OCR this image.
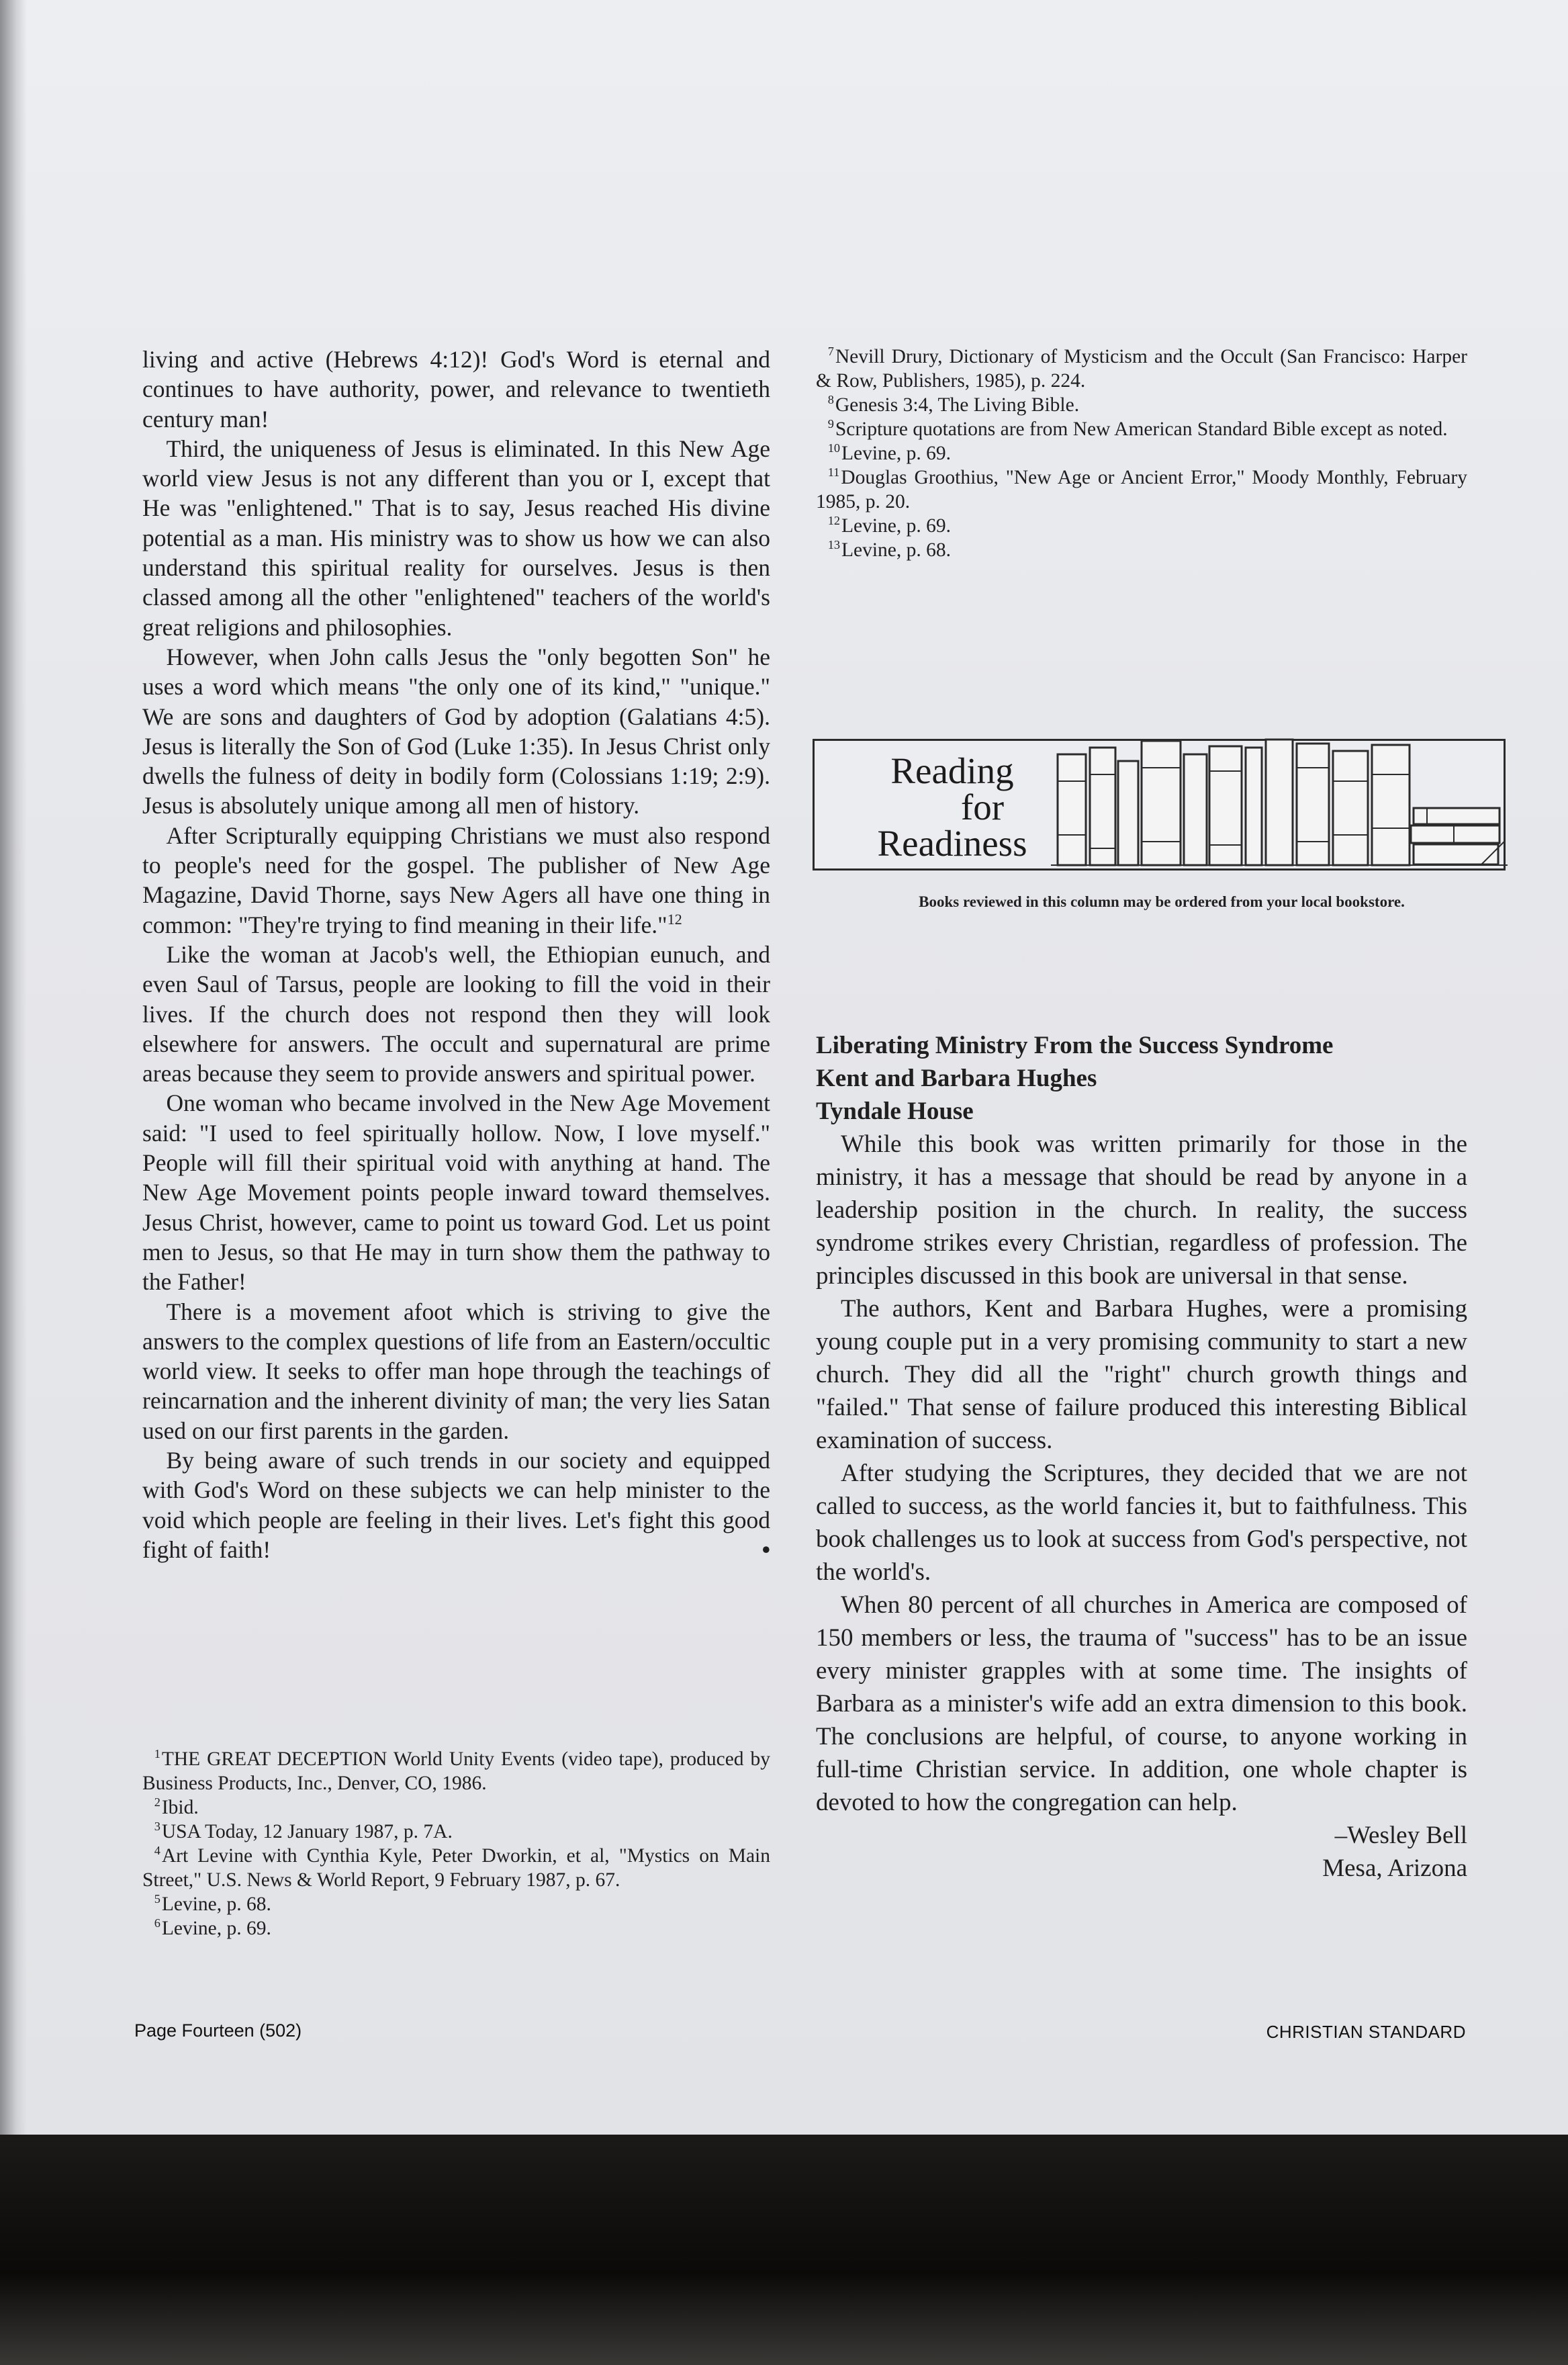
living and active (Hebrews 4:12)! God's Word is eternal and continues to have authority, power, and relevance to twentieth century man!

Third, the uniqueness of Jesus is eliminated. In this New Age world view Jesus is not any different than you or I, except that He was "enlightened." That is to say, Jesus reached His divine potential as a man. His ministry was to show us how we can also understand this spiritual reality for ourselves. Jesus is then classed among all the other "enlightened" teachers of the world's great religions and philosophies.

However, when John calls Jesus the "only begotten Son" he uses a word which means "the only one of its kind," "unique." We are sons and daughters of God by adoption (Galatians 4:5). Jesus is literally the Son of God (Luke 1:35). In Jesus Christ only dwells the fulness of deity in bodily form (Colossians 1:19; 2:9). Jesus is absolutely unique among all men of history.

After Scripturally equipping Christians we must also respond to people's need for the gospel. The publisher of New Age Magazine, David Thorne, says New Agers all have one thing in common: "They're trying to find meaning in their life."$^{12}$

Like the woman at Jacob's well, the Ethiopian eunuch, and even Saul of Tarsus, people are looking to fill the void in their lives. If the church does not respond then they will look elsewhere for answers. The occult and supernatural are prime areas because they seem to provide answers and spiritual power.

One woman who became involved in the New Age Movement said: "I used to feel spiritually hollow. Now, I love myself." People will fill their spiritual void with anything at hand. The New Age Movement points people inward toward themselves. Jesus Christ, however, came to point us toward God. Let us point men to Jesus, so that He may in turn show them the pathway to the Father!

There is a movement afoot which is striving to give the answers to the complex questions of life from an Eastern/occultic world view. It seeks to offer man hope through the teachings of reincarnation and the inherent divinity of man; the very lies Satan used on our first parents in the garden.

By being aware of such trends in our society and equipped with God's Word on these subjects we can help minister to the void which people are feeling in their lives. Let's fight this good fight of faith!	•

$^1$THE GREAT DECEPTION World Unity Events (video tape), produced by Business Products, Inc., Denver, CO, 1986.

$^2$Ibid.

$^3$USA Today, 12 January 1987, p. 7A.

$^4$Art Levine with Cynthia Kyle, Peter Dworkin, et al, "Mystics on Main Street," U.S. News & World Report, 9 February 1987, p. 67.

$^5$Levine, p. 68.

$^6$Levine, p. 69.

$^7$Nevill Drury, Dictionary of Mysticism and the Occult (San Francisco: Harper & Row, Publishers, 1985), p. 224.

$^8$Genesis 3:4, The Living Bible.

$^9$Scripture quotations are from New American Standard Bible except as noted.

$^{10}$Levine, p. 69.

$^{11}$Douglas Groothius, "New Age or Ancient Error," Moody Monthly, February 1985, p. 20.

$^{12}$Levine, p. 69.

$^{13}$Levine, p. 68.

Reading
for
Readiness
Books reviewed in this column may be ordered from your local bookstore.
Liberating Ministry From the Success Syndrome
Kent and Barbara Hughes
Tyndale House

While this book was written primarily for those in the ministry, it has a message that should be read by anyone in a leadership position in the church. In reality, the success syndrome strikes every Christian, regardless of profession. The principles discussed in this book are universal in that sense.

The authors, Kent and Barbara Hughes, were a promising young couple put in a very promising community to start a new church. They did all the "right" church growth things and "failed." That sense of failure produced this interesting Biblical examination of success.

After studying the Scriptures, they decided that we are not called to success, as the world fancies it, but to faithfulness. This book challenges us to look at success from God's perspective, not the world's.

When 80 percent of all churches in America are composed of 150 members or less, the trauma of "success" has to be an issue every minister grapples with at some time. The insights of Barbara as a minister's wife add an extra dimension to this book. The conclusions are helpful, of course, to anyone working in full-time Christian service. In addition, one whole chapter is devoted to how the congregation can help.

–Wesley Bell
Mesa, Arizona
Page Fourteen (502)	CHRISTIAN STANDARD
